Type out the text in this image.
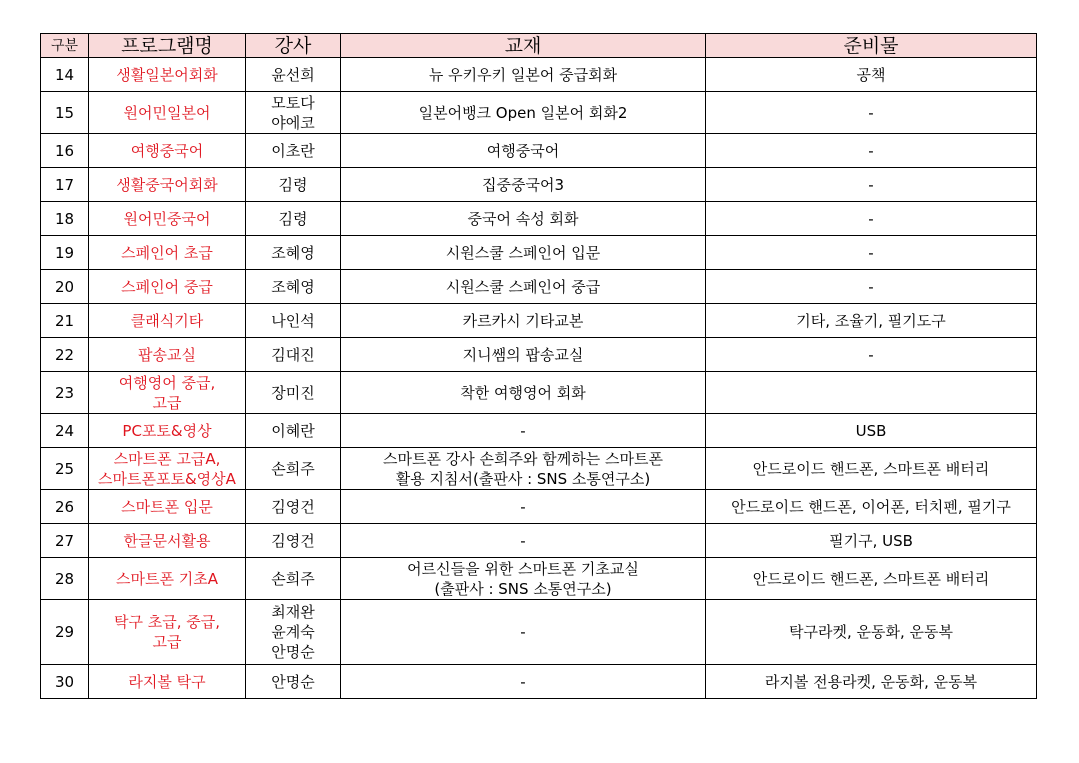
구분	프로그램명	강사	교재	준비물
14	생활일본어회화	윤선희	뉴 우키우키 일본어 중급회화	공책
15	원어민일본어	모토다
야에코	일본어뱅크 Open 일본어 회화2	-
16	여행중국어	이초란	여행중국어	-
17	생활중국어회화	김령	집중중국어3	-
18	원어민중국어	김령	중국어 속성 회화	-
19	스페인어 초급	조혜영	시원스쿨 스페인어 입문	-
20	스페인어 중급	조혜영	시원스쿨 스페인어 중급	-
21	클래식기타	나인석	카르카시 기타교본	기타, 조율기, 필기도구
22	팝송교실	김대진	지니쌤의 팝송교실	-
23	여행영어 중급,
고급	장미진	착한 여행영어 회화	
24	PC포토&영상	이혜란	-	USB
25	스마트폰 고급A,
스마트폰포토&영상A	손희주	스마트폰 강사 손희주와 함께하는 스마트폰
활용 지침서(출판사 : SNS 소통연구소)	안드로이드 핸드폰, 스마트폰 배터리
26	스마트폰 입문	김영건	-	안드로이드 핸드폰, 이어폰, 터치펜, 필기구
27	한글문서활용	김영건	-	필기구, USB
28	스마트폰 기초A	손희주	어르신들을 위한 스마트폰 기초교실
(출판사 : SNS 소통연구소)	안드로이드 핸드폰, 스마트폰 배터리
29	탁구 초급, 중급,
고급	최재완
윤계숙
안명순	-	탁구라켓, 운동화, 운동복
30	라지볼 탁구	안명순	-	라지볼 전용라켓, 운동화, 운동복
